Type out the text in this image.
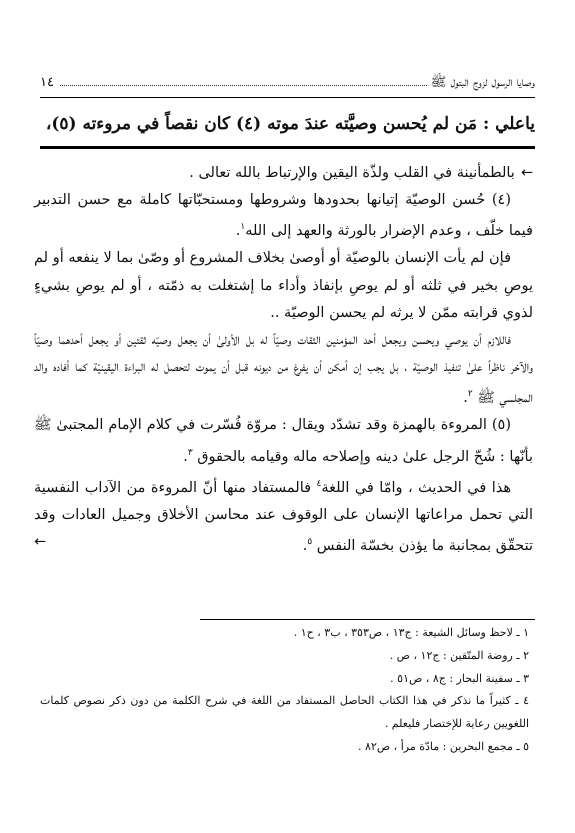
وصايا الرسول لزوج البتول ﷺ
١٤
ياعلي : مَن لم يُحسن وصيَّته عندَ موته (٤) كان نقصاً في مروءته (٥)،

←
بالطمأنينة في القلب ولذّة اليقين والإرتباط بالله تعالى .

(٤) حُسن الوصيّة إتيانها بحدودها وشروطها ومستحبّاتها كاملة مع حسن التدبير فيما خلّف ، وعدم الإضرار بالورثة والعهد إلى الله$^١$.

فإن لم يأت الإنسان بالوصيّة أو أوصىٰ بخلاف المشروع أو وصّىٰ بما لا ينفعه أو لم يوصِ بخير في ثلثه أو لم يوصِ بإنفاذ وأداء ما إشتغلت به ذمّته ، أو لم يوصِ بشيءٍ لذوي قرابته ممّن لا يرثه لم يحسن الوصيّة ..

فاللازم أن يوصي ويحسن ويجعل أحد المؤمنين الثقات وصيّاً له بل الأولىٰ أن يجعل وصيّه ثقتين أو يجعل أحدهما وصيّاً والآخر ناظراً علىٰ تنفيذ الوصيّة ، بل يجب إن أمكن أن يفرغ من ديونه قبل أن يموت لتحصل له البراءة اليقينيّة كما أفاده والد المجلسي ﷺ $^٢$.

(٥) المروءة بالهمزة وقد تشدّد ويقال : مروّة فُسّرت في كلام الإمام المجتبىٰ ﷺ بأنّها : شُحّ الرجل علىٰ دينه وإصلاحه ماله وقيامه بالحقوق $^٣$.

هذا في الحديث ، وامّا في اللغة$^٤$ فالمستفاد منها أنّ المروءة من الآداب النفسية التي تحمل مراعاتها الإنسان على الوقوف عند محاسن الأخلاق وجميل العادات وقد تتحقّق بمجانبة ما يؤذن بخسّة النفس $^٥$.
←

١ ـ لاحظ وسائل الشيعة : ج١٣ ، ص٣٥٣ ، ب٣ ، ح١ .
٢ ـ روضة المتّقين : ج١٢ ، ص .
٣ ـ سفينة البحار : ج٨ ، ص٥١ .
٤ ـ كثيراً ما نذكر في هذا الكتاب الحاصل المستفاد من اللغة في شرح الكلمة من دون ذكر نصوص كلمات اللغويين رعاية للإختصار فليعلم .
٥ ـ مجمع البحرين : مادّة مرأ ، ص٨٢ .
